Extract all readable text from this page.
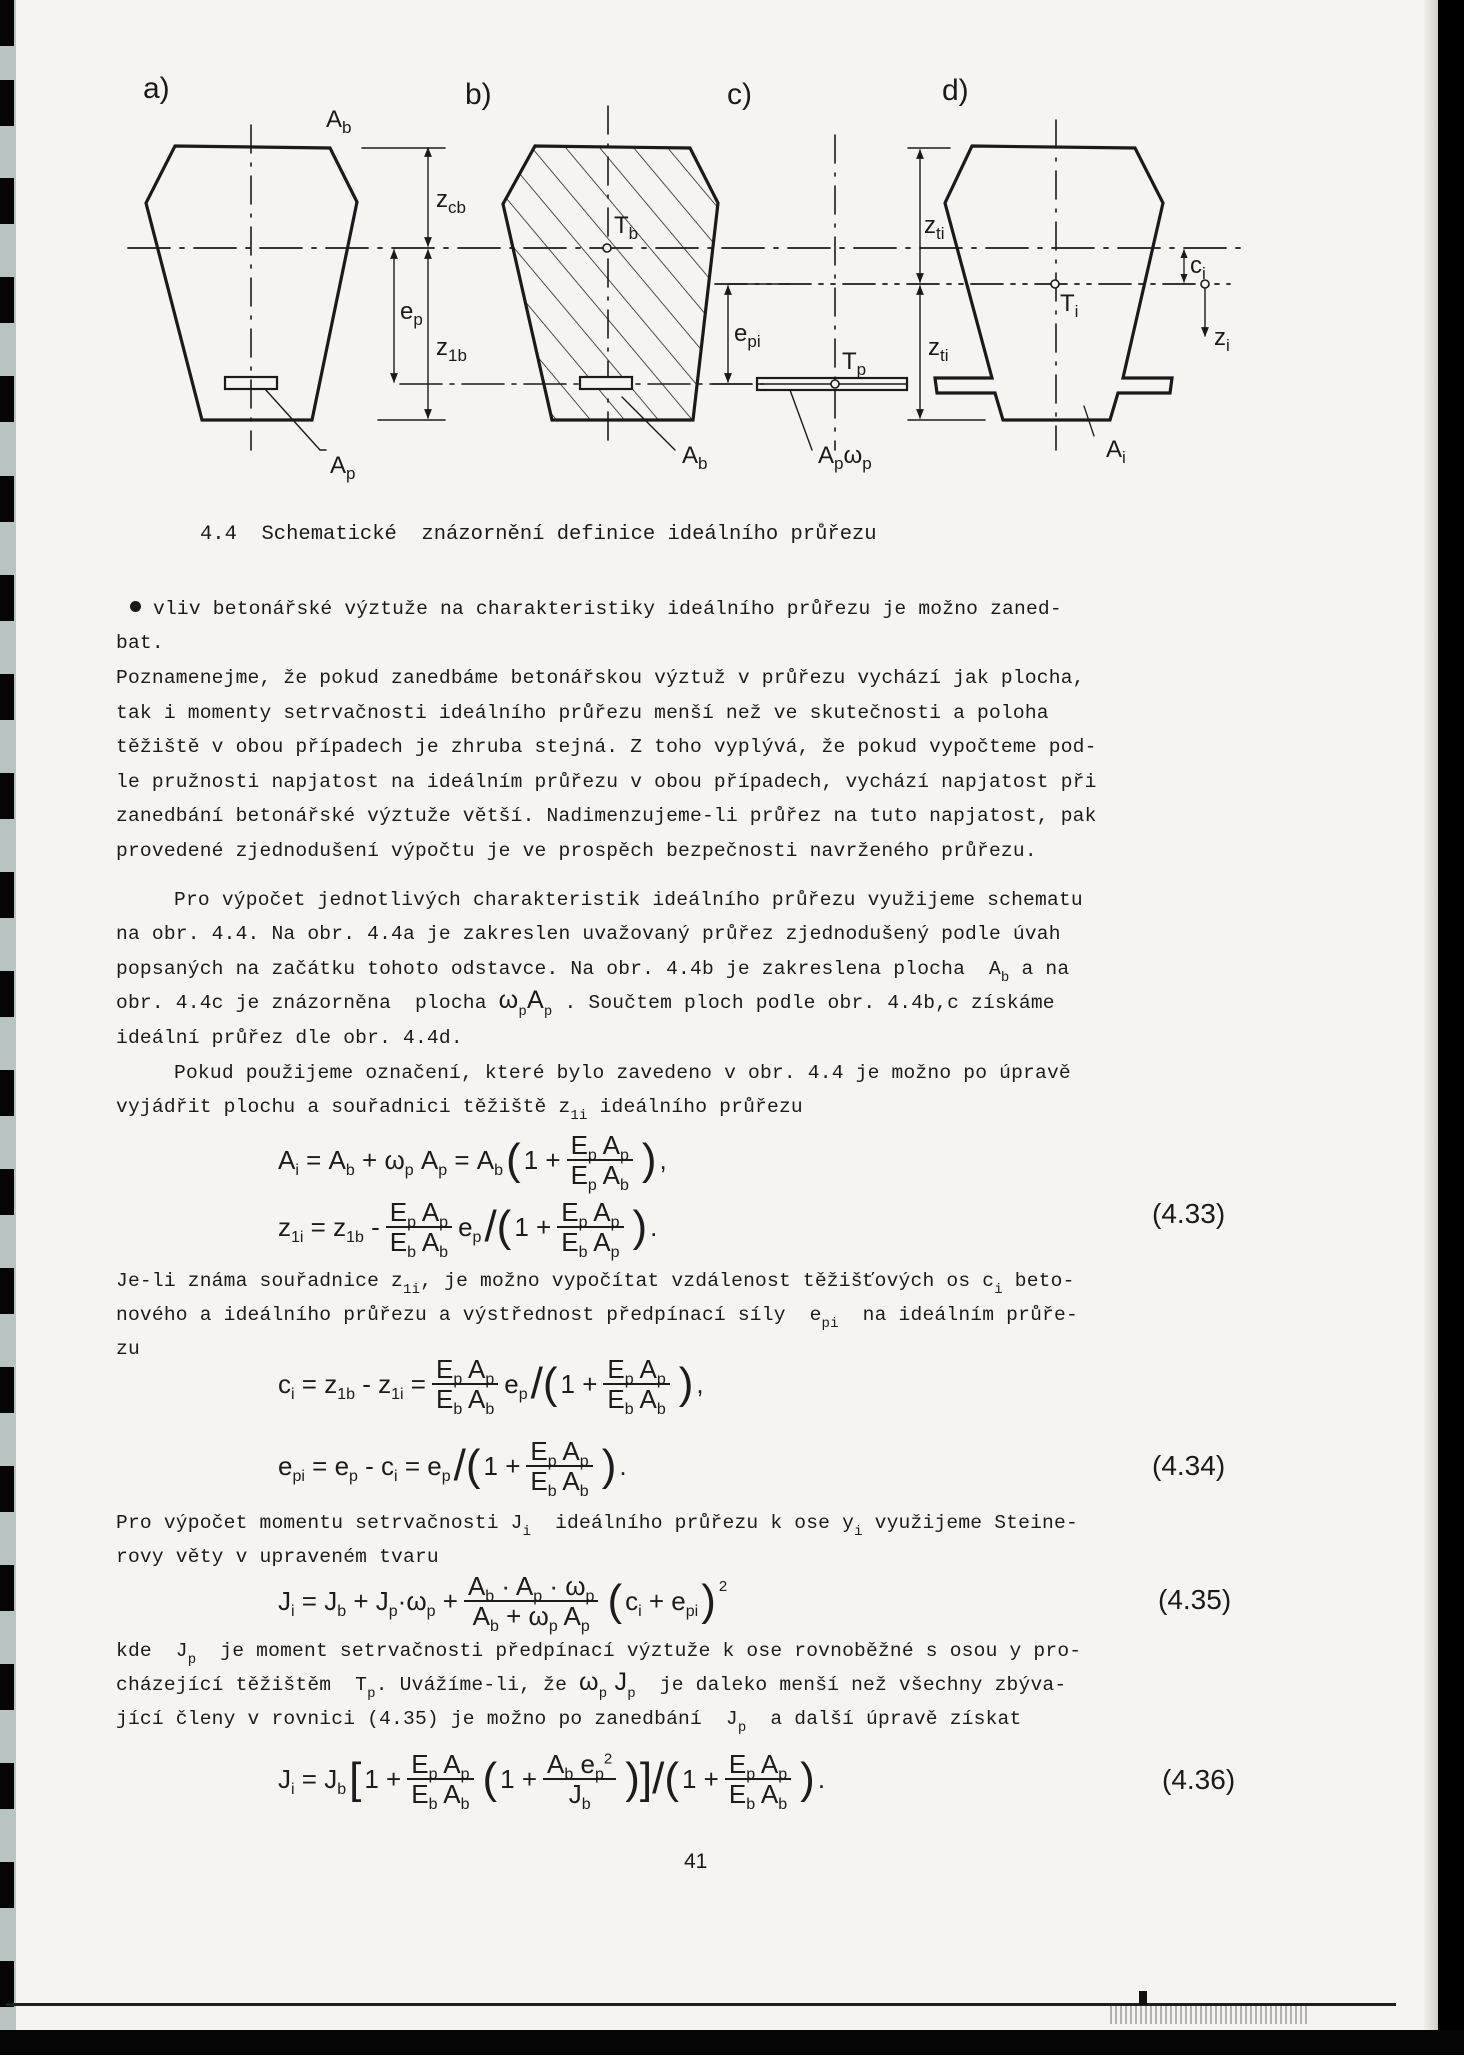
a)	b)	c)	d)
$A_b$
$z_{cb}$
$e_p$
$z_{1b}$
$A_p$
$T_b$
$A_b$
$e_{pi}$
$T_p$
$A_p\omega_p$
$z_{ti}$
$z_{ti}$
$c_i$
$T_i$
$z_i$
$A_i$
4.4  Schematické  znázornění definice ideálního průřezu
vliv betonářské výztuže na charakteristiky ideálního průřezu je možno zaned-
bat.
Poznamenejme, že pokud zanedbáme betonářskou výztuž v průřezu vychází jak plocha,
tak i momenty setrvačnosti ideálního průřezu menší než ve skutečnosti a poloha
těžiště v obou případech je zhruba stejná. Z toho vyplývá, že pokud vypočteme pod-
le pružnosti napjatost na ideálním průřezu v obou případech, vychází napjatost při
zanedbání betonářské výztuže větší. Nadimenzujeme-li průřez na tuto napjatost, pak
provedené zjednodušení výpočtu je ve prospěch bezpečnosti navrženého průřezu.
Pro výpočet jednotlivých charakteristik ideálního průřezu využijeme schematu
na obr. 4.4. Na obr. 4.4a je zakreslen uvažovaný průřez zjednodušený podle úvah
popsaných na začátku tohoto odstavce. Na obr. 4.4b je zakreslena plocha  $A_b$ a na
obr. 4.4c je znázorněna  plocha $\omega_pA_p$ . Součtem ploch podle obr. 4.4b,c získáme
ideální průřez dle obr. 4.4d.
Pokud použijeme označení, které bylo zavedeno v obr. 4.4 je možno po úpravě
vyjádřit plochu a souřadnici těžiště $z_{1i}$ ideálního průřezu
$A_i = A_b + \omega_p$ $A_p = A_b$ ( $1 + \frac{E_p A_p}{E_p A_b}$ ) ,
$z_{1i} = z_{1b} - \frac{E_p A_p}{E_b A_b} e_p$ /( $1 + \frac{E_p A_p}{E_b A_p}$ ) .	(4.33)
Je-li známa souřadnice $z_{1i}$, je možno vypočítat vzdálenost těžišťových os $c_i$ beto-
nového a ideálního průřezu a výstřednost předpínací síly  $e_{pi}$  na ideálním průře-
zu
$c_i = z_{1b} - z_{1i} = \frac{E_p A_p}{E_b A_b} e_p$ /( $1 + \frac{E_p A_p}{E_b A_b}$ ) ,
$e_{pi} = e_p - c_i = e_p$ /( $1 + \frac{E_p A_p}{E_b A_b}$ ) .	(4.34)
Pro výpočet momentu setrvačnosti $J_i$  ideálního průřezu k ose $y_i$ využijeme Steine-
rovy věty v upraveném tvaru
$J_i = J_b + J_p\cdot\omega_p + \frac{A_b \cdot A_p \cdot \omega_p}{A_b + \omega_p A_p}$ ( $c_i + e_{pi}$ )$^2$	(4.35)
kde  $J_p$  je moment setrvačnosti předpínací výztuže k ose rovnoběžné s osou y pro-
cházející těžištěm  $T_p$. Uvážíme-li, že $\omega_p$ $J_p$  je daleko menší než všechny zbýva-
jící členy v rovnici (4.35) je možno po zanedbání  $J_p$  a další úpravě získat
$J_i = J_b$ [ $1 + \frac{E_p A_p}{E_b A_b}$ ( $1 + \frac{A_b e_p^2}{J_b}$ )]/( $1 + \frac{E_p A_p}{E_b A_b}$ ) .	(4.36)
41
